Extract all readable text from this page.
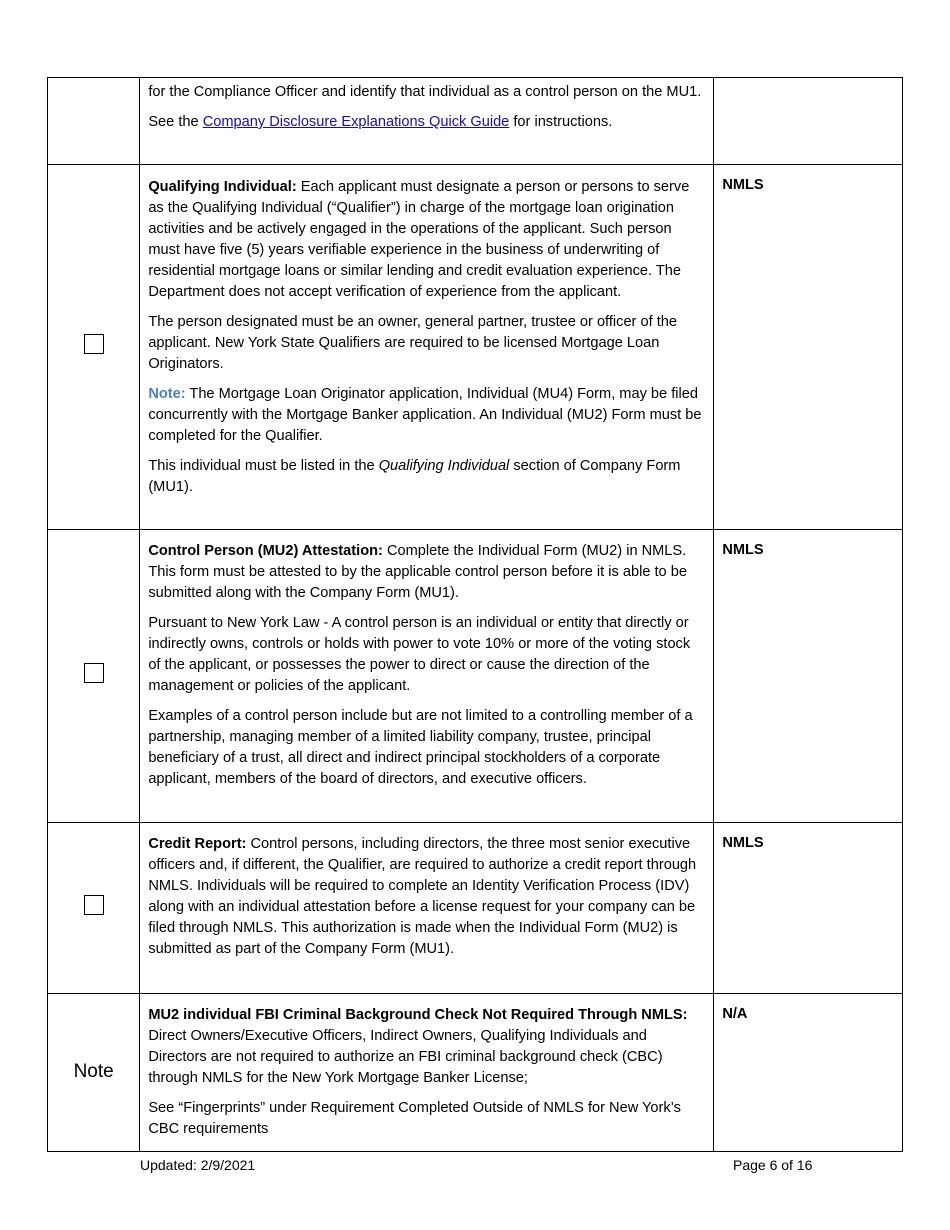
	for the Compliance Officer and identify that individual as a control person on the MU1.

See the Company Disclosure Explanations Quick Guide for instructions.	

	Qualifying Individual: Each applicant must designate a person or persons to serve as the Qualifying Individual (“Qualifier”) in charge of the mortgage loan origination activities and be actively engaged in the operations of the applicant. Such person must have five (5) years verifiable experience in the business of underwriting of residential mortgage loans or similar lending and credit evaluation experience. The Department does not accept verification of experience from the applicant.

The person designated must be an owner, general partner, trustee or officer of the applicant. New York State Qualifiers are required to be licensed Mortgage Loan Originators.

Note: The Mortgage Loan Originator application, Individual (MU4) Form, may be filed concurrently with the Mortgage Banker application. An Individual (MU2) Form must be completed for the Qualifier.

This individual must be listed in the Qualifying Individual section of Company Form (MU1).	NMLS

	Control Person (MU2) Attestation: Complete the Individual Form (MU2) in NMLS. This form must be attested to by the applicable control person before it is able to be submitted along with the Company Form (MU1).

Pursuant to New York Law - A control person is an individual or entity that directly or indirectly owns, controls or holds with power to vote 10% or more of the voting stock of the applicant, or possesses the power to direct or cause the direction of the management or policies of the applicant.

Examples of a control person include but are not limited to a controlling member of a partnership, managing member of a limited liability company, trustee, principal beneficiary of a trust, all direct and indirect principal stockholders of a corporate applicant, members of the board of directors, and executive officers.	NMLS

	Credit Report: Control persons, including directors, the three most senior executive officers and, if different, the Qualifier, are required to authorize a credit report through NMLS. Individuals will be required to complete an Identity Verification Process (IDV) along with an individual attestation before a license request for your company can be filed through NMLS. This authorization is made when the Individual Form (MU2) is submitted as part of the Company Form (MU1).	NMLS

Note	MU2 individual FBI Criminal Background Check Not Required Through NMLS:

Direct Owners/Executive Officers, Indirect Owners, Qualifying Individuals and Directors are not required to authorize an FBI criminal background check (CBC) through NMLS for the New York Mortgage Banker License;

See “Fingerprints” under Requirement Completed Outside of NMLS for New York’s CBC requirements	N/A
Updated: 2/9/2021	Page 6 of 16
